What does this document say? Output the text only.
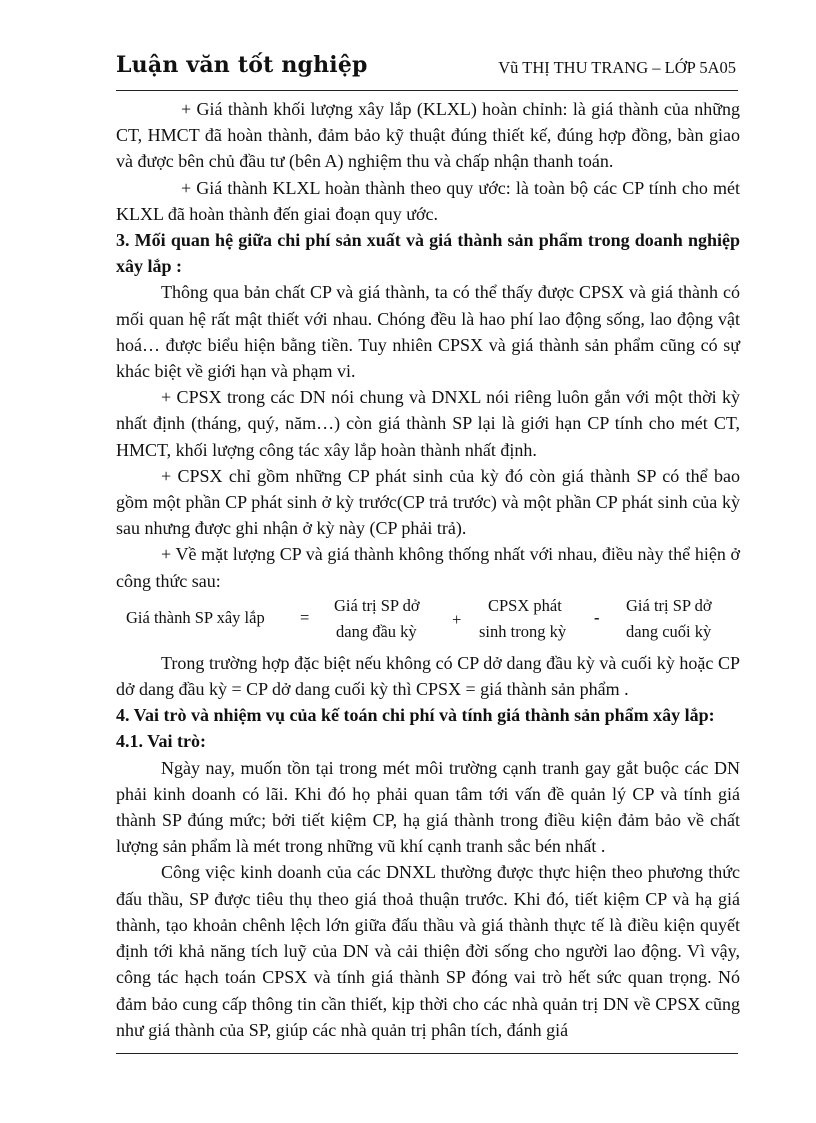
Luận văn tốt nghiệp	Vũ THỊ THU TRANG – LỚP 5A05

+ Giá thành khối lượng xây lắp (KLXL) hoàn chỉnh: là giá thành của những CT, HMCT đã hoàn thành, đảm bảo kỹ thuật đúng thiết kế, đúng hợp đồng, bàn giao và được bên chủ đầu tư (bên A) nghiệm thu và chấp nhận thanh toán.

+ Giá thành KLXL hoàn thành theo quy ước: là toàn bộ các CP tính cho mét KLXL đã hoàn thành đến giai đoạn quy ước.

3. Mối quan hệ giữa chi phí sản xuất và giá thành sản phẩm trong doanh nghiệp xây lắp :

Thông qua bản chất CP và giá thành, ta có thể thấy được CPSX và giá thành có mối quan hệ rất mật thiết với nhau. Chóng đều là hao phí lao động sống, lao động vật hoá… được biểu hiện bằng tiền. Tuy nhiên CPSX và giá thành sản phẩm cũng có sự khác biệt về giới hạn và phạm vi.

+ CPSX trong các DN nói chung và DNXL nói riêng luôn gắn với một thời kỳ nhất định (tháng, quý, năm…) còn giá thành SP lại là giới hạn CP tính cho mét CT, HMCT, khối lượng công tác xây lắp hoàn thành nhất định.

+ CPSX chỉ gồm những CP phát sinh của kỳ đó còn giá thành SP có thể bao gồm một phần CP phát sinh ở kỳ trước(CP trả trước) và một phần CP phát sinh của kỳ sau nhưng được ghi nhận ở kỳ này (CP phải trả).

+ Về mặt lượng CP và giá thành không thống nhất với nhau, điều này thể hiện ở công thức sau:

Giá thành SP xây lắp =
Giá trị SP dở
dang đầu kỳ
+
CPSX phát
sinh trong kỳ
-
Giá trị SP dở
dang cuối kỳ

Trong trường hợp đặc biệt nếu không có CP dở dang đầu kỳ và cuối kỳ hoặc CP dở dang đầu kỳ = CP dở dang cuối kỳ thì CPSX = giá thành sản phẩm .

4. Vai trò và nhiệm vụ của kế toán chi phí và tính giá thành sản phẩm xây lắp:

4.1. Vai trò:

Ngày nay, muốn tồn tại trong mét môi trường cạnh tranh gay gắt buộc các DN phải kinh doanh có lãi. Khi đó họ phải quan tâm tới vấn đề quản lý CP và tính giá thành SP đúng mức; bởi tiết kiệm CP, hạ giá thành trong điều kiện đảm bảo về chất lượng sản phẩm là mét trong những vũ khí cạnh tranh sắc bén nhất .

Công việc kinh doanh của các DNXL thường được thực hiện theo phương thức đấu thầu, SP được tiêu thụ theo giá thoả thuận trước. Khi đó, tiết kiệm CP và hạ giá thành, tạo khoản chênh lệch lớn giữa đấu thầu và giá thành thực tế là điều kiện quyết định tới khả năng tích luỹ của DN và cải thiện đời sống cho người lao động. Vì vậy, công tác hạch toán CPSX và tính giá thành SP đóng vai trò hết sức quan trọng. Nó đảm bảo cung cấp thông tin cần thiết, kịp thời cho các nhà quản trị DN về CPSX cũng như giá thành của SP, giúp các nhà quản trị phân tích, đánh giá
